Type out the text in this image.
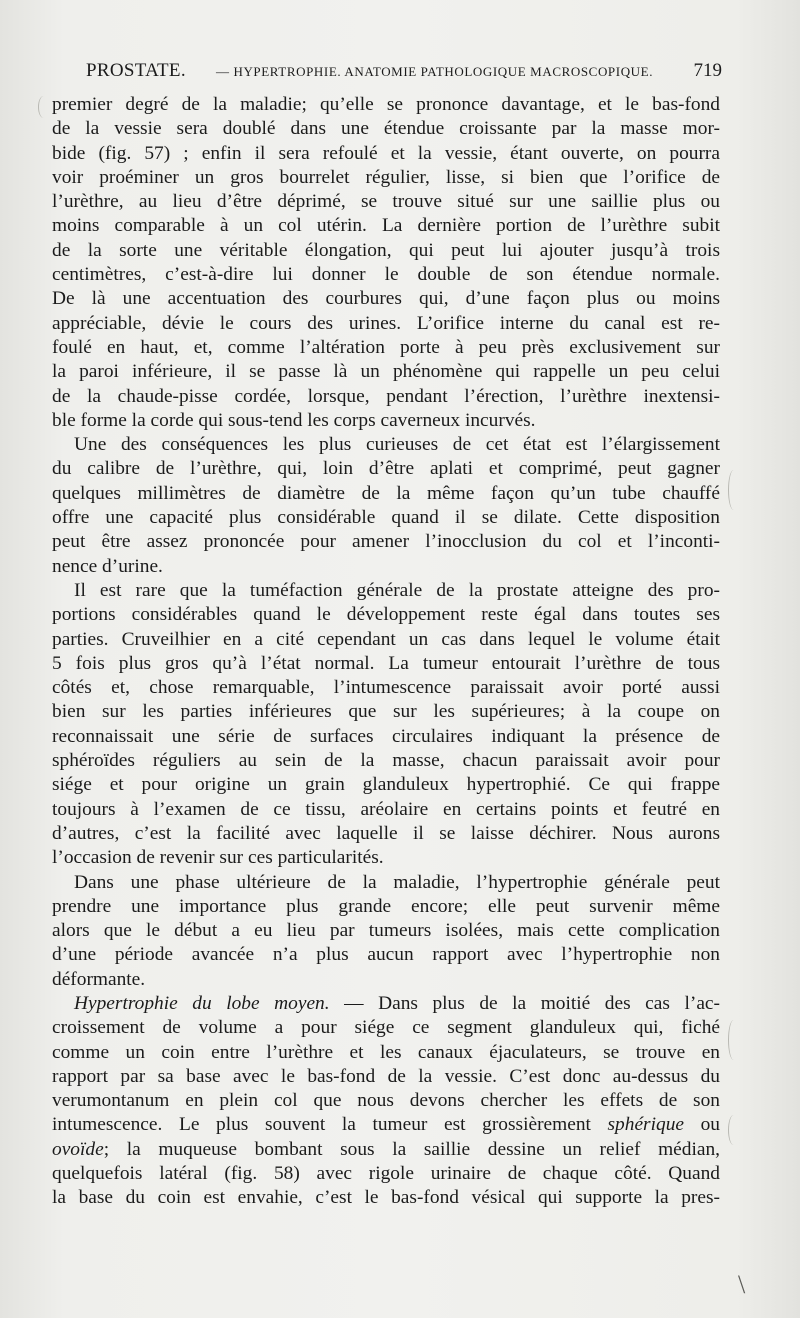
PROSTATE. — HYPERTROPHIE. ANATOMIE PATHOLOGIQUE MACROSCOPIQUE. 719
premier degré de la maladie; qu’elle se prononce davantage, et le bas-fond
de la vessie sera doublé dans une étendue croissante par la masse mor-
bide (fig. 57) ; enfin il sera refoulé et la vessie, étant ouverte, on pourra
voir proéminer un gros bourrelet régulier, lisse, si bien que l’orifice de
l’urèthre, au lieu d’être déprimé, se trouve situé sur une saillie plus ou
moins comparable à un col utérin. La dernière portion de l’urèthre subit
de la sorte une véritable élongation, qui peut lui ajouter jusqu’à trois
centimètres, c’est-à-dire lui donner le double de son étendue normale.
De là une accentuation des courbures qui, d’une façon plus ou moins
appréciable, dévie le cours des urines. L’orifice interne du canal est re-
foulé en haut, et, comme l’altération porte à peu près exclusivement sur
la paroi inférieure, il se passe là un phénomène qui rappelle un peu celui
de la chaude-pisse cordée, lorsque, pendant l’érection, l’urèthre inextensi-
ble forme la corde qui sous-tend les corps caverneux incurvés.
Une des conséquences les plus curieuses de cet état est l’élargissement
du calibre de l’urèthre, qui, loin d’être aplati et comprimé, peut gagner
quelques millimètres de diamètre de la même façon qu’un tube chauffé
offre une capacité plus considérable quand il se dilate. Cette disposition
peut être assez prononcée pour amener l’inocclusion du col et l’inconti-
nence d’urine.
Il est rare que la tuméfaction générale de la prostate atteigne des pro-
portions considérables quand le développement reste égal dans toutes ses
parties. Cruveilhier en a cité cependant un cas dans lequel le volume était
5 fois plus gros qu’à l’état normal. La tumeur entourait l’urèthre de tous
côtés et, chose remarquable, l’intumescence paraissait avoir porté aussi
bien sur les parties inférieures que sur les supérieures; à la coupe on
reconnaissait une série de surfaces circulaires indiquant la présence de
sphéroïdes réguliers au sein de la masse, chacun paraissait avoir pour
siége et pour origine un grain glanduleux hypertrophié. Ce qui frappe
toujours à l’examen de ce tissu, aréolaire en certains points et feutré en
d’autres, c’est la facilité avec laquelle il se laisse déchirer. Nous aurons
l’occasion de revenir sur ces particularités.
Dans une phase ultérieure de la maladie, l’hypertrophie générale peut
prendre une importance plus grande encore; elle peut survenir même
alors que le début a eu lieu par tumeurs isolées, mais cette complication
d’une période avancée n’a plus aucun rapport avec l’hypertrophie non
déformante.
Hypertrophie du lobe moyen. — Dans plus de la moitié des cas l’ac-
croissement de volume a pour siége ce segment glanduleux qui, fiché
comme un coin entre l’urèthre et les canaux éjaculateurs, se trouve en
rapport par sa base avec le bas-fond de la vessie. C’est donc au-dessus du
verumontanum en plein col que nous devons chercher les effets de son
intumescence. Le plus souvent la tumeur est grossièrement sphérique ou
ovoïde; la muqueuse bombant sous la saillie dessine un relief médian,
quelquefois latéral (fig. 58) avec rigole urinaire de chaque côté. Quand
la base du coin est envahie, c’est le bas-fond vésical qui supporte la pres-
\
